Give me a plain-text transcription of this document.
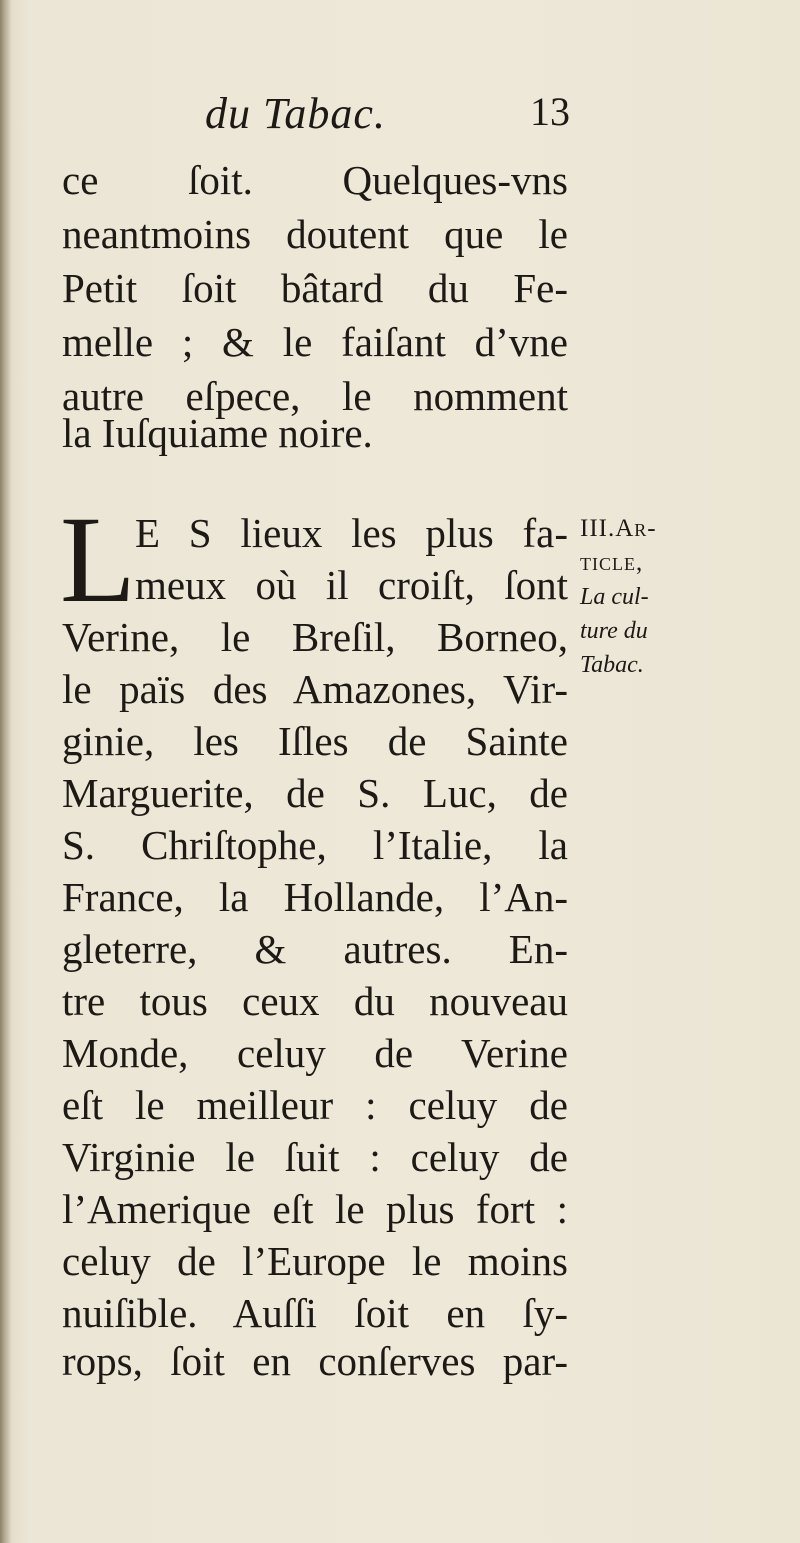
du Tabac.	13
ce ſoit. Quelques-vns
neantmoins doutent que le
Petit ſoit bâtard du Fe-
melle ; & le faiſant d’vne
autre eſpece, le nomment
la Iuſquiame noire.
L E S lieux les plus fa-
meux où il croiſt, ſont
Verine, le Breſil, Borneo,
le païs des Amazones, Vir-
ginie, les Iſles de Sainte
Marguerite, de S. Luc, de
S. Chriſtophe, l’Italie, la
France, la Hollande, l’An-
gleterre, & autres. En-
tre tous ceux du nouveau
Monde, celuy de Verine
eſt le meilleur : celuy de
Virginie le ſuit : celuy de
l’Amerique eſt le plus fort :
celuy de l’Europe le moins
nuiſible. Auſſi ſoit en ſy-
rops, ſoit en conſerves par-
III.Ar-
ticle,
La cul-
ture du
Tabac.
